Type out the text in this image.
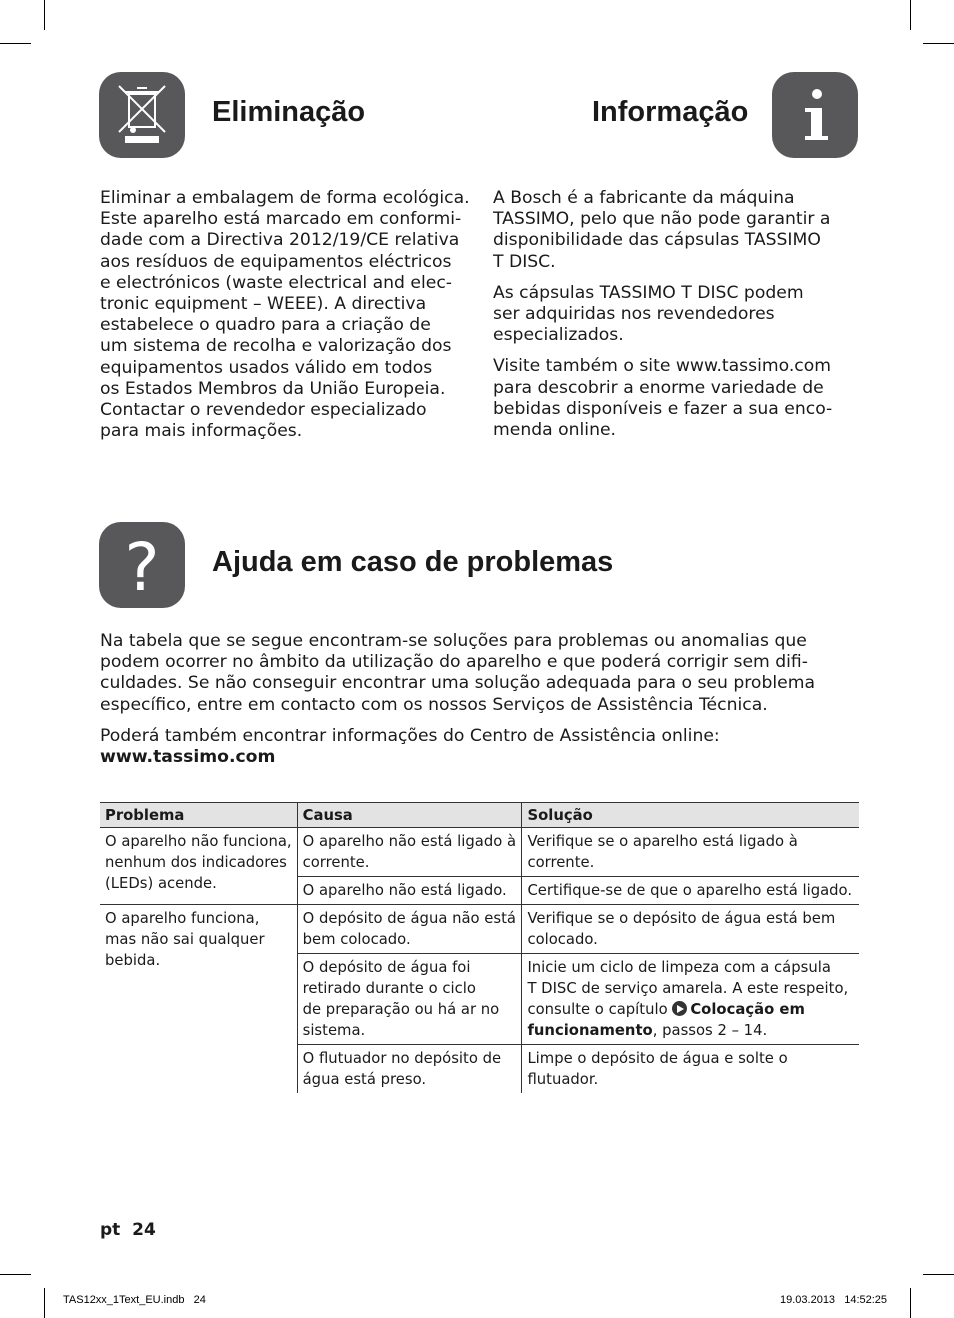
Eliminação	Informação
Eliminar a embalagem de forma ecológica.
Este aparelho está marcado em conformi-
dade com a Directiva 2012/19/CE relativa
aos resíduos de equipamentos eléctricos
e electrónicos (waste electrical and elec-
tronic equipment – WEEE). A directiva
estabelece o quadro para a criação de
um sistema de recolha e valorização dos
equipamentos usados válido em todos
os Estados Membros da União Europeia.
Contactar o revendedor especializado
para mais informações.

A Bosch é a fabricante da máquina
TASSIMO, pelo que não pode garantir a
disponibilidade das cápsulas TASSIMO
T DISC.

As cápsulas TASSIMO T DISC podem
ser adquiridas nos revendedores
especializados.

Visite também o site www.tassimo.com
para descobrir a enorme variedade de
bebidas disponíveis e fazer a sua enco-
menda online.

? Ajuda em caso de problemas

Na tabela que se segue encontram-se soluções para problemas ou anomalias que
podem ocorrer no âmbito da utilização do aparelho e que poderá corrigir sem difi-
culdades. Se não conseguir encontrar uma solução adequada para o seu problema
específico, entre em contacto com os nossos Serviços de Assistência Técnica.

Poderá também encontrar informações do Centro de Assistência online:
www.tassimo.com

Problema	Causa	Solução

O aparelho não funciona,
nenhum dos indicadores
(LEDs) acende.	O aparelho não está ligado à
corrente.	Verifique se o aparelho está ligado à
corrente.

	O aparelho não está ligado.	Certifique-se de que o aparelho está ligado.

O aparelho funciona,
mas não sai qualquer
bebida.	O depósito de água não está
bem colocado.	Verifique se o depósito de água está bem
colocado.

	O depósito de água foi
retirado durante o ciclo
de preparação ou há ar no
sistema.	Inicie um ciclo de limpeza com a cápsula
T DISC de serviço amarela. A este respeito,
consulte o capítulo Colocação em
funcionamento, passos 2 – 14.

	O flutuador no depósito de
água está preso.	Limpe o depósito de água e solte o
flutuador.
pt 24
TAS12xx_1Text_EU.indb   24	19.03.2013   14:52:25
